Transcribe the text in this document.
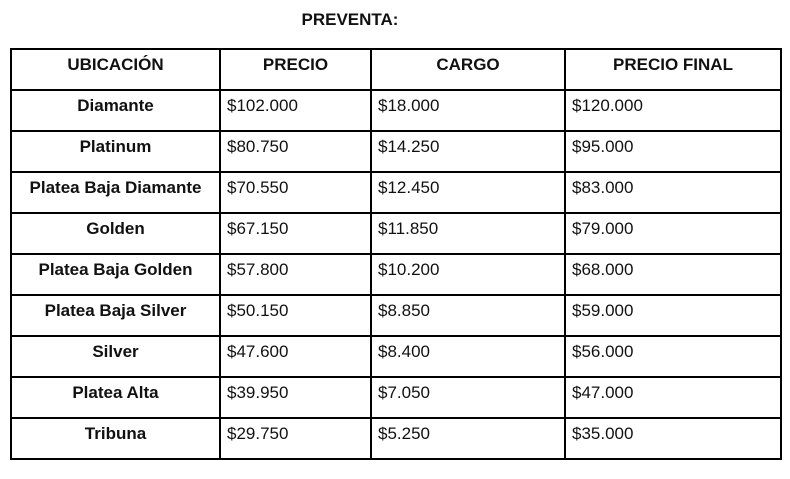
PREVENTA:
UBICACIÓN	PRECIO	CARGO	PRECIO FINAL
Diamante	$102.000	$18.000	$120.000
Platinum	$80.750	$14.250	$95.000
Platea Baja Diamante	$70.550	$12.450	$83.000
Golden	$67.150	$11.850	$79.000
Platea Baja Golden	$57.800	$10.200	$68.000
Platea Baja Silver	$50.150	$8.850	$59.000
Silver	$47.600	$8.400	$56.000
Platea Alta	$39.950	$7.050	$47.000
Tribuna	$29.750	$5.250	$35.000
